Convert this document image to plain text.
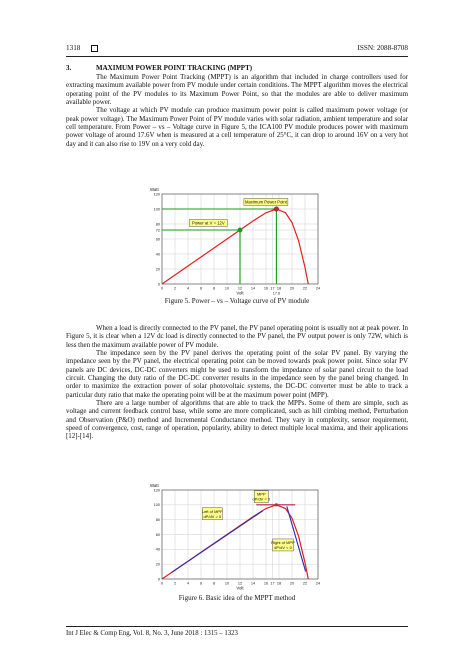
1318	ISSN: 2088-8708
3.	MAXIMUM POWER POINT TRACKING (MPPT)

The Maximum Power Point Tracking (MPPT) is an algorithm that included in charge controllers used for extracting maximum available power from PV module under certain conditions. The MPPT algorithm moves the electrical operating point of the PV modules to its Maximum Power Point, so that the modules are able to deliver maximum available power.

The voltage at which PV module can produce maximum power point is called maximum power voltage (or peak power voltage). The Maximum Power Point of PV module varies with solar radiation, ambient temperature and solar cell temperature. From Power – vs – Voltage curve in Figure 5, the ICA100 PV module produces power with maximum power voltage of around 17.6V when is measured at a cell temperature of 25°C, it can drop to around 16V on a very hot day and it can also rise to 19V on a very cold day.

0	2	4	6	8	10 12 14 16 17 18 20 22 24
0
20
40
60
72
80
100
120
Watt
Volt	17.6
Maximum Power Point
Power at V = 12V
Figure 5. Power – vs – Voltage curve of PV module

When a load is directly connected to the PV panel, the PV panel operating point is usually not at peak power. In Figure 5, it is clear when a 12V dc load is directly connected to the PV panel, the PV output power is only 72W, which is less then the maximum available power of PV module.

The impedance seen by the PV panel derives the operating point of the solar PV panel. By varying the impedance seen by the PV panel, the electrical operating point can be moved towards peak power point. Since solar PV panels are DC devices, DC-DC converters might be used to transform the impedance of solar panel circuit to the load circuit. Changing the duty ratio of the DC-DC converter results in the impedance seen by the panel being changed. In order to maximize the extraction power of solar photovoltaic systems, the DC-DC converter must be able to track a particular duty ratio that make the operating point will be at the maximum power point (MPP).

There are a large number of algorithms that are able to track the MPPs. Some of them are simple, such as voltage and current feedback control base, while some are more complicated, such as hill cimbing method, Perturbation and Observation (P&O) method and Incremental Conductance method. They vary in complexity, sensor requirement, speed of convergence, cost, range of operation, popularity, ability to detect multiple local maxima, and their applications [12]-[14].

0	2	4	6	8	10 12 14 16 17 18 20 22 24
0
20
40
60
80
100
120
Watt
Volt
MPP
dP/dV = 0
Left of MPP
dP/dV > 0
Right of MPP
dP/dV < 0
Figure 6. Basic idea of the MPPT method
Int J Elec & Comp Eng, Vol. 8, No. 3, June 2018 : 1315 – 1323
